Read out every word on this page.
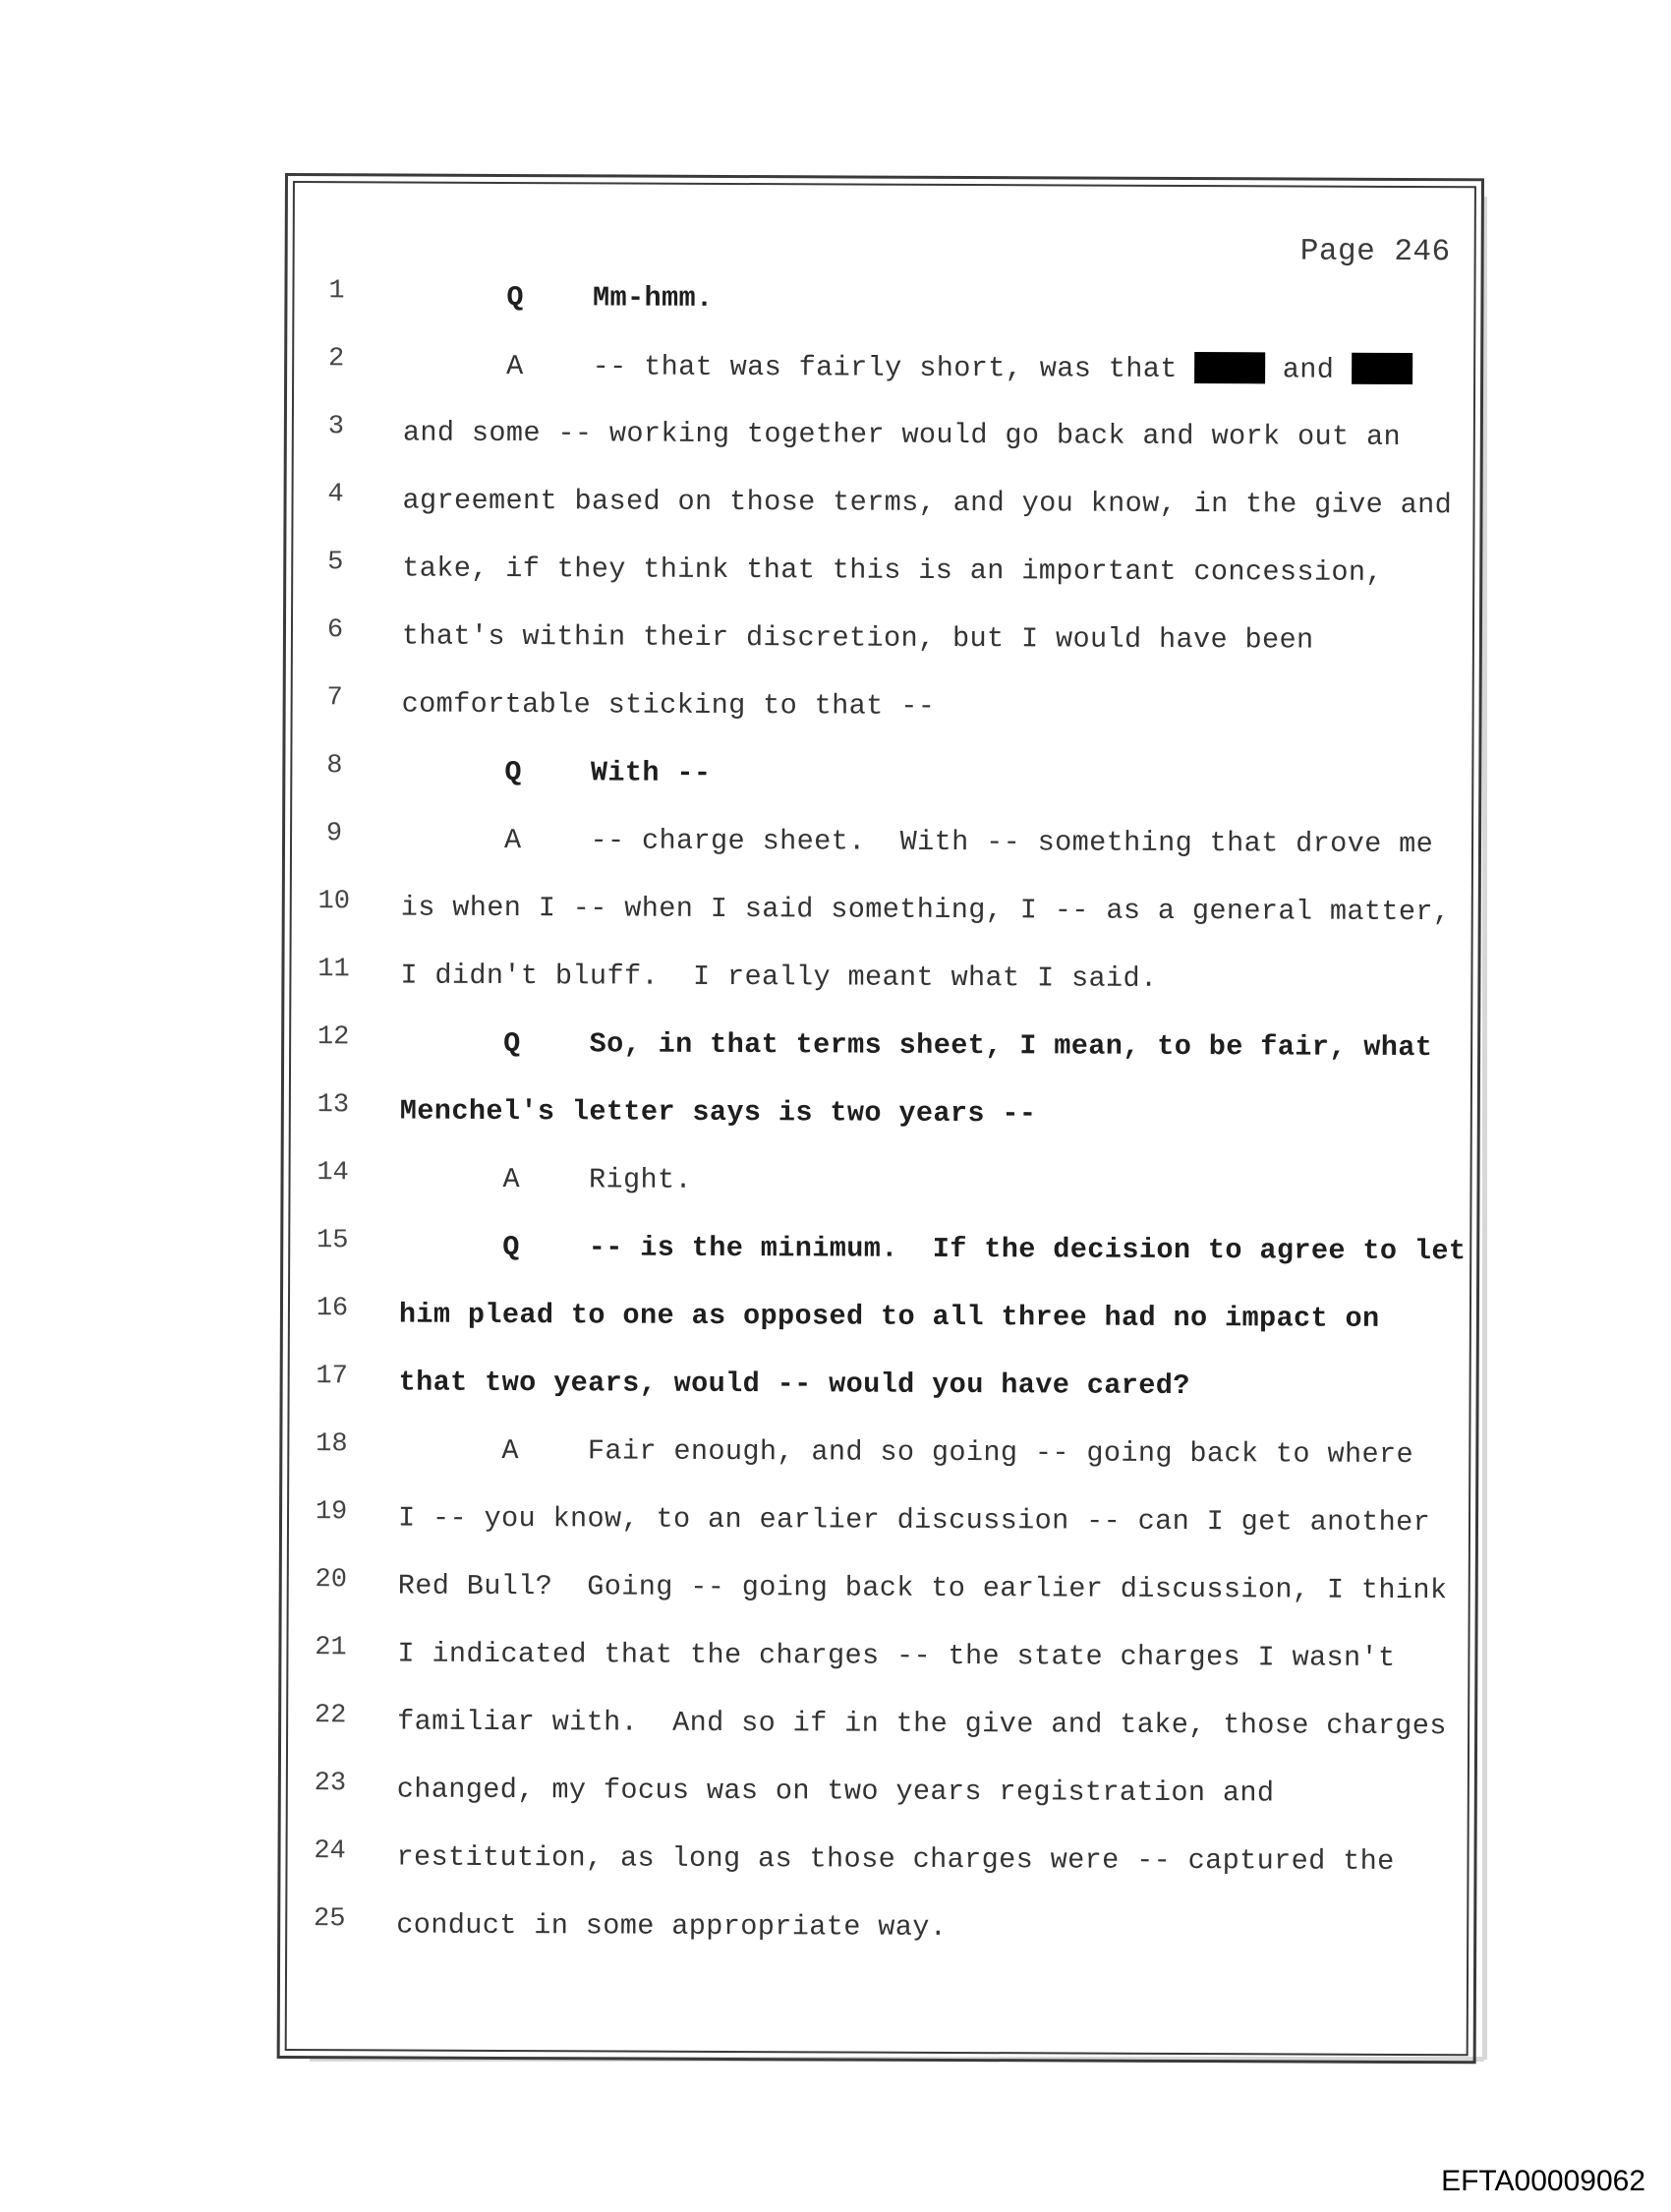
Page 246
1	Q    Mm-hmm.
2	A    -- that was fairly short, was that	and
3	and some -- working together would go back and work out an
4	agreement based on those terms, and you know, in the give and
5	take, if they think that this is an important concession,
6	that's within their discretion, but I would have been
7	comfortable sticking to that --
8	Q    With --
9	A    -- charge sheet.  With -- something that drove me
10 is when I -- when I said something, I -- as a general matter,
11 I didn't bluff.  I really meant what I said.
12 Q    So, in that terms sheet, I mean, to be fair, what
13 Menchel's letter says is two years --
14 A    Right.
15 Q    -- is the minimum.  If the decision to agree to let
16 him plead to one as opposed to all three had no impact on
17 that two years, would -- would you have cared?
18 A    Fair enough, and so going -- going back to where
19 I -- you know, to an earlier discussion -- can I get another
20 Red Bull?  Going -- going back to earlier discussion, I think
21 I indicated that the charges -- the state charges I wasn't
22 familiar with.  And so if in the give and take, those charges
23 changed, my focus was on two years registration and
24 restitution, as long as those charges were -- captured the
25 conduct in some appropriate way.
EFTA00009062
